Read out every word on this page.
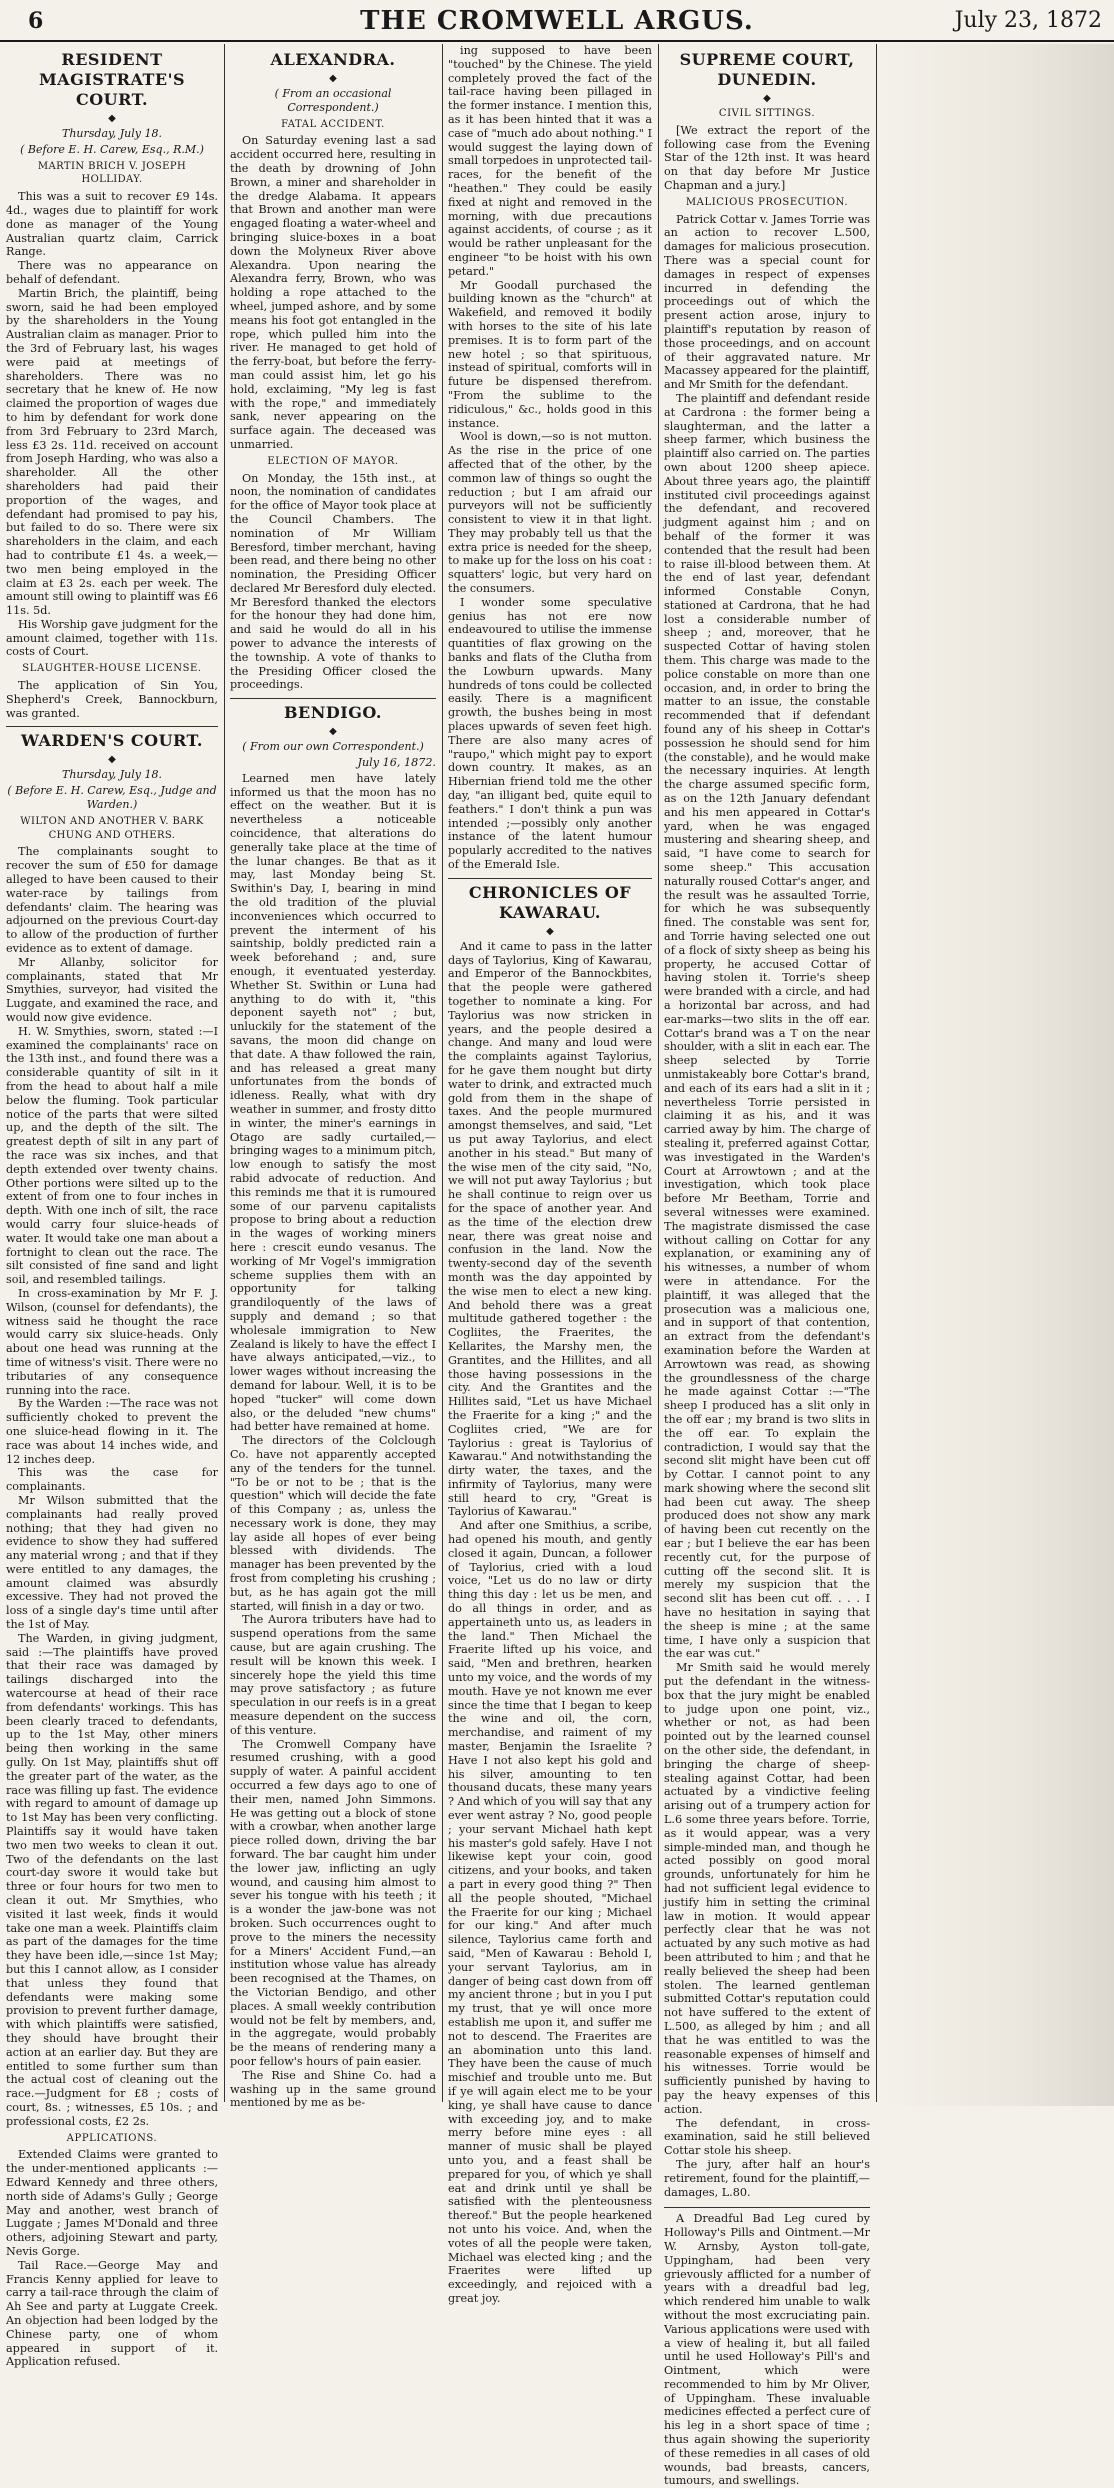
6	THE CROMWELL ARGUS.	July 23, 1872
RESIDENT MAGISTRATE'S COURT.
◆
Thursday, July 18.
( Before E. H. Carew, Esq., R.M.)
MARTIN BRICH V. JOSEPH HOLLIDAY.

This was a suit to recover £9 14s. 4d., wages due to plaintiff for work done as manager of the Young Australian quartz claim, Carrick Range.

There was no appearance on behalf of defendant.

Martin Brich, the plaintiff, being sworn, said he had been employed by the shareholders in the Young Australian claim as manager. Prior to the 3rd of February last, his wages were paid at meetings of shareholders. There was no secretary that he knew of. He now claimed the proportion of wages due to him by defendant for work done from 3rd February to 23rd March, less £3 2s. 11d. received on account from Joseph Harding, who was also a shareholder. All the other shareholders had paid their proportion of the wages, and defendant had promised to pay his, but failed to do so. There were six shareholders in the claim, and each had to contribute £1 4s. a week,—two men being employed in the claim at £3 2s. each per week. The amount still owing to plaintiff was £6 11s. 5d.

His Worship gave judgment for the amount claimed, together with 11s. costs of Court.

SLAUGHTER-HOUSE LICENSE.

The application of Sin You, Shepherd's Creek, Bannockburn, was granted.

WARDEN'S COURT.
◆
Thursday, July 18.
( Before E. H. Carew, Esq., Judge and Warden.)
WILTON AND ANOTHER V. BARK CHUNG AND OTHERS.

The complainants sought to recover the sum of £50 for damage alleged to have been caused to their water-race by tailings from defendants' claim. The hearing was adjourned on the previous Court-day to allow of the production of further evidence as to extent of damage.

Mr Allanby, solicitor for complainants, stated that Mr Smythies, surveyor, had visited the Luggate, and examined the race, and would now give evidence.

H. W. Smythies, sworn, stated :—I examined the complainants' race on the 13th inst., and found there was a considerable quantity of silt in it from the head to about half a mile below the fluming. Took particular notice of the parts that were silted up, and the depth of the silt. The greatest depth of silt in any part of the race was six inches, and that depth extended over twenty chains. Other portions were silted up to the extent of from one to four inches in depth. With one inch of silt, the race would carry four sluice-heads of water. It would take one man about a fortnight to clean out the race. The silt consisted of fine sand and light soil, and resembled tailings.

In cross-examination by Mr F. J. Wilson, (counsel for defendants), the witness said he thought the race would carry six sluice-heads. Only about one head was running at the time of witness's visit. There were no tributaries of any consequence running into the race.

By the Warden :—The race was not sufficiently choked to prevent the one sluice-head flowing in it. The race was about 14 inches wide, and 12 inches deep.

This was the case for complainants.

Mr Wilson submitted that the complainants had really proved nothing; that they had given no evidence to show they had suffered any material wrong ; and that if they were entitled to any damages, the amount claimed was absurdly excessive. They had not proved the loss of a single day's time until after the 1st of May.

The Warden, in giving judgment, said :—The plaintiffs have proved that their race was damaged by tailings discharged into the watercourse at head of their race from defendants' workings. This has been clearly traced to defendants, up to the 1st May, other miners being then working in the same gully. On 1st May, plaintiffs shut off the greater part of the water, as the race was filling up fast. The evidence with regard to amount of damage up to 1st May has been very conflicting. Plaintiffs say it would have taken two men two weeks to clean it out. Two of the defendants on the last court-day swore it would take but three or four hours for two men to clean it out. Mr Smythies, who visited it last week, finds it would take one man a week. Plaintiffs claim as part of the damages for the time they have been idle,—since 1st May; but this I cannot allow, as I consider that unless they found that defendants were making some provision to prevent further damage, with which plaintiffs were satisfied, they should have brought their action at an earlier day. But they are entitled to some further sum than the actual cost of cleaning out the race.—Judgment for £8 ; costs of court, 8s. ; witnesses, £5 10s. ; and professional costs, £2 2s.

APPLICATIONS.

Extended Claims were granted to the under-mentioned applicants :—Edward Kennedy and three others, north side of Adams's Gully ; George May and another, west branch of Luggate ; James M'Donald and three others, adjoining Stewart and party, Nevis Gorge.

Tail Race.—George May and Francis Kenny applied for leave to carry a tail-race through the claim of Ah See and party at Luggate Creek. An objection had been lodged by the Chinese party, one of whom appeared in support of it. Application refused.

ALEXANDRA.
◆
( From an occasional Correspondent.)
FATAL ACCIDENT.

On Saturday evening last a sad accident occurred here, resulting in the death by drowning of John Brown, a miner and shareholder in the dredge Alabama. It appears that Brown and another man were engaged floating a water-wheel and bringing sluice-boxes in a boat down the Molyneux River above Alexandra. Upon nearing the Alexandra ferry, Brown, who was holding a rope attached to the wheel, jumped ashore, and by some means his foot got entangled in the rope, which pulled him into the river. He managed to get hold of the ferry-boat, but before the ferry-man could assist him, let go his hold, exclaiming, "My leg is fast with the rope," and immediately sank, never appearing on the surface again. The deceased was unmarried.

ELECTION OF MAYOR.

On Monday, the 15th inst., at noon, the nomination of candidates for the office of Mayor took place at the Council Chambers. The nomination of Mr William Beresford, timber merchant, having been read, and there being no other nomination, the Presiding Officer declared Mr Beresford duly elected. Mr Beresford thanked the electors for the honour they had done him, and said he would do all in his power to advance the interests of the township. A vote of thanks to the Presiding Officer closed the proceedings.

BENDIGO.
◆
( From our own Correspondent.)
July 16, 1872.

Learned men have lately informed us that the moon has no effect on the weather. But it is nevertheless a noticeable coincidence, that alterations do generally take place at the time of the lunar changes. Be that as it may, last Monday being St. Swithin's Day, I, bearing in mind the old tradition of the pluvial inconveniences which occurred to prevent the interment of his saintship, boldly predicted rain a week beforehand ; and, sure enough, it eventuated yesterday. Whether St. Swithin or Luna had anything to do with it, "this deponent sayeth not" ; but, unluckily for the statement of the savans, the moon did change on that date. A thaw followed the rain, and has released a great many unfortunates from the bonds of idleness. Really, what with dry weather in summer, and frosty ditto in winter, the miner's earnings in Otago are sadly curtailed,—bringing wages to a minimum pitch, low enough to satisfy the most rabid advocate of reduction. And this reminds me that it is rumoured some of our parvenu capitalists propose to bring about a reduction in the wages of working miners here : crescit eundo vesanus. The working of Mr Vogel's immigration scheme supplies them with an opportunity for talking grandiloquently of the laws of supply and demand ; so that wholesale immigration to New Zealand is likely to have the effect I have always anticipated,—viz., to lower wages without increasing the demand for labour. Well, it is to be hoped "tucker" will come down also, or the deluded "new chums" had better have remained at home.

The directors of the Colclough Co. have not apparently accepted any of the tenders for the tunnel. "To be or not to be ; that is the question" which will decide the fate of this Company ; as, unless the necessary work is done, they may lay aside all hopes of ever being blessed with dividends. The manager has been prevented by the frost from completing his crushing ; but, as he has again got the mill started, will finish in a day or two.

The Aurora tributers have had to suspend operations from the same cause, but are again crushing. The result will be known this week. I sincerely hope the yield this time may prove satisfactory ; as future speculation in our reefs is in a great measure dependent on the success of this venture.

The Cromwell Company have resumed crushing, with a good supply of water. A painful accident occurred a few days ago to one of their men, named John Simmons. He was getting out a block of stone with a crowbar, when another large piece rolled down, driving the bar forward. The bar caught him under the lower jaw, inflicting an ugly wound, and causing him almost to sever his tongue with his teeth ; it is a wonder the jaw-bone was not broken. Such occurrences ought to prove to the miners the necessity for a Miners' Accident Fund,—an institution whose value has already been recognised at the Thames, on the Victorian Bendigo, and other places. A small weekly contribution would not be felt by members, and, in the aggregate, would probably be the means of rendering many a poor fellow's hours of pain easier.

The Rise and Shine Co. had a washing up in the same ground mentioned by me as be-

ing supposed to have been "touched" by the Chinese. The yield completely proved the fact of the tail-race having been pillaged in the former instance. I mention this, as it has been hinted that it was a case of "much ado about nothing." I would suggest the laying down of small torpedoes in unprotected tail-races, for the benefit of the "heathen." They could be easily fixed at night and removed in the morning, with due precautions against accidents, of course ; as it would be rather unpleasant for the engineer "to be hoist with his own petard."

Mr Goodall purchased the building known as the "church" at Wakefield, and removed it bodily with horses to the site of his late premises. It is to form part of the new hotel ; so that spirituous, instead of spiritual, comforts will in future be dispensed therefrom. "From the sublime to the ridiculous," &c., holds good in this instance.

Wool is down,—so is not mutton. As the rise in the price of one affected that of the other, by the common law of things so ought the reduction ; but I am afraid our purveyors will not be sufficiently consistent to view it in that light. They may probably tell us that the extra price is needed for the sheep, to make up for the loss on his coat : squatters' logic, but very hard on the consumers.

I wonder some speculative genius has not ere now endeavoured to utilise the immense quantities of flax growing on the banks and flats of the Clutha from the Lowburn upwards. Many hundreds of tons could be collected easily. There is a magnificent growth, the bushes being in most places upwards of seven feet high. There are also many acres of "raupo," which might pay to export down country. It makes, as an Hibernian friend told me the other day, "an illigant bed, quite equil to feathers." I don't think a pun was intended ;—possibly only another instance of the latent humour popularly accredited to the natives of the Emerald Isle.

CHRONICLES OF KAWARAU.
◆

And it came to pass in the latter days of Taylorius, King of Kawarau, and Emperor of the Bannockbites, that the people were gathered together to nominate a king. For Taylorius was now stricken in years, and the people desired a change. And many and loud were the complaints against Taylorius, for he gave them nought but dirty water to drink, and extracted much gold from them in the shape of taxes. And the people murmured amongst themselves, and said, "Let us put away Taylorius, and elect another in his stead." But many of the wise men of the city said, "No, we will not put away Taylorius ; but he shall continue to reign over us for the space of another year. And as the time of the election drew near, there was great noise and confusion in the land. Now the twenty-second day of the seventh month was the day appointed by the wise men to elect a new king. And behold there was a great multitude gathered together : the Cogliites, the Fraerites, the Kellarites, the Marshy men, the Grantites, and the Hillites, and all those having possessions in the city. And the Grantites and the Hillites said, "Let us have Michael the Fraerite for a king ;" and the Cogliites cried, "We are for Taylorius : great is Taylorius of Kawarau." And notwithstanding the dirty water, the taxes, and the infirmity of Taylorius, many were still heard to cry, "Great is Taylorius of Kawarau."

And after one Smithius, a scribe, had opened his mouth, and gently closed it again, Duncan, a follower of Taylorius, cried with a loud voice, "Let us do no law or dirty thing this day : let us be men, and do all things in order, and as appertaineth unto us, as leaders in the land." Then Michael the Fraerite lifted up his voice, and said, "Men and brethren, hearken unto my voice, and the words of my mouth. Have ye not known me ever since the time that I began to keep the wine and oil, the corn, merchandise, and raiment of my master, Benjamin the Israelite ? Have I not also kept his gold and his silver, amounting to ten thousand ducats, these many years ? And which of you will say that any ever went astray ? No, good people ; your servant Michael hath kept his master's gold safely. Have I not likewise kept your coin, good citizens, and your books, and taken a part in every good thing ?" Then all the people shouted, "Michael the Fraerite for our king ; Michael for our king." And after much silence, Taylorius came forth and said, "Men of Kawarau : Behold I, your servant Taylorius, am in danger of being cast down from off my ancient throne ; but in you I put my trust, that ye will once more establish me upon it, and suffer me not to descend. The Fraerites are an abomination unto this land. They have been the cause of much mischief and trouble unto me. But if ye will again elect me to be your king, ye shall have cause to dance with exceeding joy, and to make merry before mine eyes : all manner of music shall be played unto you, and a feast shall be prepared for you, of which ye shall eat and drink until ye shall be satisfied with the plenteousness thereof." But the people hearkened not unto his voice. And, when the votes of all the people were taken, Michael was elected king ; and the Fraerites were lifted up exceedingly, and rejoiced with a great joy.

SUPREME COURT, DUNEDIN.
◆
CIVIL SITTINGS.

[We extract the report of the following case from the Evening Star of the 12th inst. It was heard on that day before Mr Justice Chapman and a jury.]

MALICIOUS PROSECUTION.

Patrick Cottar v. James Torrie was an action to recover L.500, damages for malicious prosecution. There was a special count for damages in respect of expenses incurred in defending the proceedings out of which the present action arose, injury to plaintiff's reputation by reason of those proceedings, and on account of their aggravated nature. Mr Macassey appeared for the plaintiff, and Mr Smith for the defendant.

The plaintiff and defendant reside at Cardrona : the former being a slaughterman, and the latter a sheep farmer, which business the plaintiff also carried on. The parties own about 1200 sheep apiece. About three years ago, the plaintiff instituted civil proceedings against the defendant, and recovered judgment against him ; and on behalf of the former it was contended that the result had been to raise ill-blood between them. At the end of last year, defendant informed Constable Conyn, stationed at Cardrona, that he had lost a considerable number of sheep ; and, moreover, that he suspected Cottar of having stolen them. This charge was made to the police constable on more than one occasion, and, in order to bring the matter to an issue, the constable recommended that if defendant found any of his sheep in Cottar's possession he should send for him (the constable), and he would make the necessary inquiries. At length the charge assumed specific form, as on the 12th January defendant and his men appeared in Cottar's yard, when he was engaged mustering and shearing sheep, and said, "I have come to search for some sheep." This accusation naturally roused Cottar's anger, and the result was he assaulted Torrie, for which he was subsequently fined. The constable was sent for, and Torrie having selected one out of a flock of sixty sheep as being his property, he accused Cottar of having stolen it. Torrie's sheep were branded with a circle, and had a horizontal bar across, and had ear-marks—two slits in the off ear. Cottar's brand was a T on the near shoulder, with a slit in each ear. The sheep selected by Torrie unmistakeably bore Cottar's brand, and each of its ears had a slit in it ; nevertheless Torrie persisted in claiming it as his, and it was carried away by him. The charge of stealing it, preferred against Cottar, was investigated in the Warden's Court at Arrowtown ; and at the investigation, which took place before Mr Beetham, Torrie and several witnesses were examined. The magistrate dismissed the case without calling on Cottar for any explanation, or examining any of his witnesses, a number of whom were in attendance. For the plaintiff, it was alleged that the prosecution was a malicious one, and in support of that contention, an extract from the defendant's examination before the Warden at Arrowtown was read, as showing the groundlessness of the charge he made against Cottar :—"The sheep I produced has a slit only in the off ear ; my brand is two slits in the off ear. To explain the contradiction, I would say that the second slit might have been cut off by Cottar. I cannot point to any mark showing where the second slit had been cut away. The sheep produced does not show any mark of having been cut recently on the ear ; but I believe the ear has been recently cut, for the purpose of cutting off the second slit. It is merely my suspicion that the second slit has been cut off. . . . I have no hesitation in saying that the sheep is mine ; at the same time, I have only a suspicion that the ear was cut."

Mr Smith said he would merely put the defendant in the witness-box that the jury might be enabled to judge upon one point, viz., whether or not, as had been pointed out by the learned counsel on the other side, the defendant, in bringing the charge of sheep-stealing against Cottar, had been actuated by a vindictive feeling arising out of a trumpery action for L.6 some three years before. Torrie, as it would appear, was a very simple-minded man, and though he acted possibly on good moral grounds, unfortunately for him he had not sufficient legal evidence to justify him in setting the criminal law in motion. It would appear perfectly clear that he was not actuated by any such motive as had been attributed to him ; and that he really believed the sheep had been stolen. The learned gentleman submitted Cottar's reputation could not have suffered to the extent of L.500, as alleged by him ; and all that he was entitled to was the reasonable expenses of himself and his witnesses. Torrie would be sufficiently punished by having to pay the heavy expenses of this action.

The defendant, in cross-examination, said he still believed Cottar stole his sheep.

The jury, after half an hour's retirement, found for the plaintiff,—damages, L.80.

A Dreadful Bad Leg cured by Holloway's Pills and Ointment.—Mr W. Arnsby, Ayston toll-gate, Uppingham, had been very grievously afflicted for a number of years with a dreadful bad leg, which rendered him unable to walk without the most excruciating pain. Various applications were used with a view of healing it, but all failed until he used Holloway's Pill's and Ointment, which were recommended to him by Mr Oliver, of Uppingham. These invaluable medicines effected a perfect cure of his leg in a short space of time ; thus again showing the superiority of these remedies in all cases of old wounds, bad breasts, cancers, tumours, and swellings.
